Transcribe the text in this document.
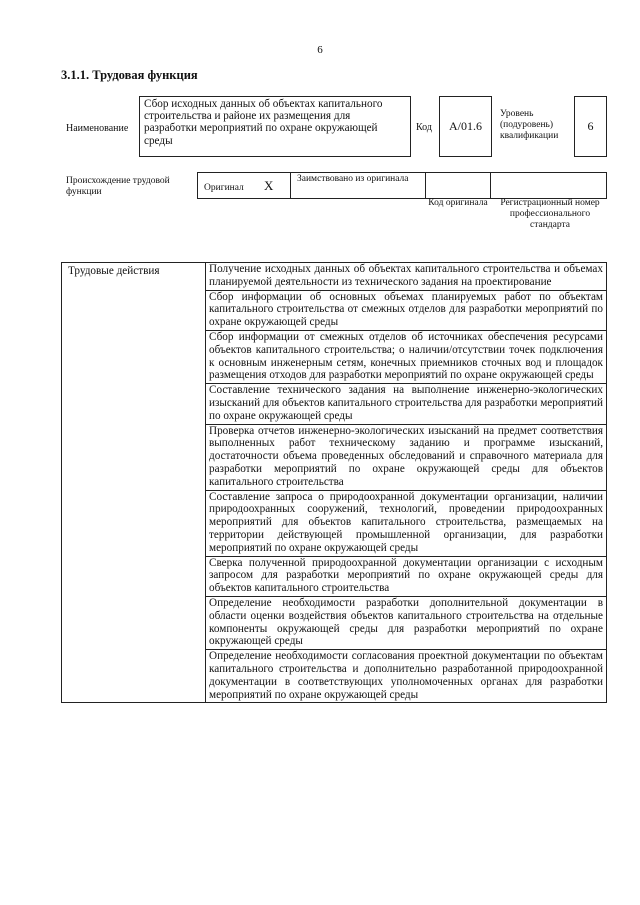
6
3.1.1. Трудовая функция
Наименование
Сбор исходных данных об объектах капитального строительства и районе их размещения для разработки мероприятий по охране окружающей среды
Код	A/01.6
Уровень (подуровень) квалификации
6
Происхождение трудовой функции	Оригинал X	Заимствовано из оригинала
Код оригинала	Регистрационный номер профессионального стандарта
Трудовые действия	Получение исходных данных об объектах капитального строительства и объемах планируемой деятельности из технического задания на проектирование
Сбор информации об основных объемах планируемых работ по объектам капитального строительства от смежных отделов для разработки мероприятий по охране окружающей среды
Сбор информации от смежных отделов об источниках обеспечения ресурсами объектов капитального строительства; о наличии/отсутствии точек подключения к основным инженерным сетям, конечных приемников сточных вод и площадок размещения отходов для разработки мероприятий по охране окружающей среды
Составление технического задания на выполнение инженерно-экологических изысканий для объектов капитального строительства для разработки мероприятий по охране окружающей среды
Проверка отчетов инженерно-экологических изысканий на предмет соответствия выполненных работ техническому заданию и программе изысканий, достаточности объема проведенных обследований и справочного материала для разработки мероприятий по охране окружающей среды для объектов капитального строительства
Составление запроса о природоохранной документации организации, наличии природоохранных сооружений, технологий, проведении природоохранных мероприятий для объектов капитального строительства, размещаемых на территории действующей промышленной организации, для разработки мероприятий по охране окружающей среды
Сверка полученной природоохранной документации организации с исходным запросом для разработки мероприятий по охране окружающей среды для объектов капитального строительства
Определение необходимости разработки дополнительной документации в области оценки воздействия объектов капитального строительства на отдельные компоненты окружающей среды для разработки мероприятий по охране окружающей среды
Определение необходимости согласования проектной документации по объектам капитального строительства и дополнительно разработанной природоохранной документации в соответствующих уполномоченных органах для разработки мероприятий по охране окружающей среды
